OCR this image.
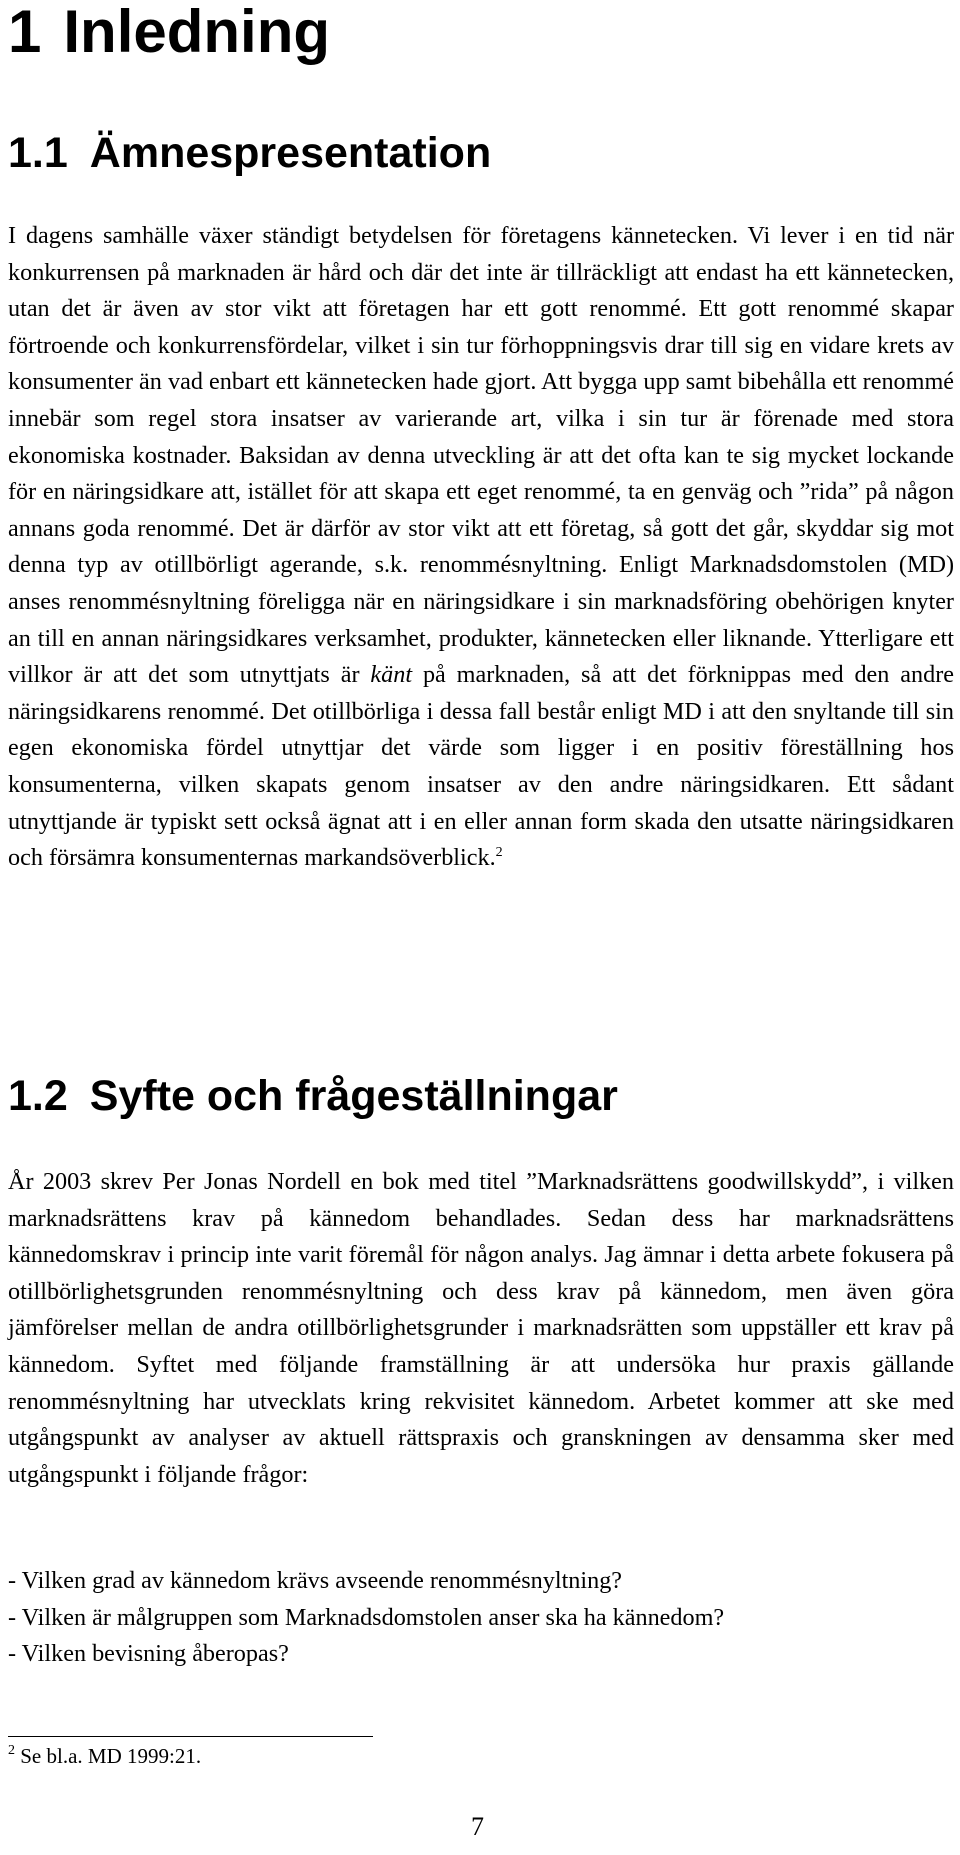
1 Inledning
1.1 Ämnespresentation

I dagens samhälle växer ständigt betydelsen för företagens kännetecken. Vi lever i en tid när konkurrensen på marknaden är hård och där det inte är tillräckligt att endast ha ett kännetecken, utan det är även av stor vikt att företagen har ett gott renommé. Ett gott renommé skapar förtroende och konkurrensfördelar, vilket i sin tur förhoppningsvis drar till sig en vidare krets av konsumenter än vad enbart ett kännetecken hade gjort. Att bygga upp samt bibehålla ett renommé innebär som regel stora insatser av varierande art, vilka i sin tur är förenade med stora ekonomiska kostnader. Baksidan av denna utveckling är att det ofta kan te sig mycket lockande för en näringsidkare att, istället för att skapa ett eget renommé, ta en genväg och ”rida” på någon annans goda renommé. Det är därför av stor vikt att ett företag, så gott det går, skyddar sig mot denna typ av otillbörligt agerande, s.k. renommésnyltning. Enligt Marknadsdomstolen (MD) anses renommésnyltning föreligga när en näringsidkare i sin marknadsföring obehörigen knyter an till en annan näringsidkares verksamhet, produkter, kännetecken eller liknande. Ytterligare ett villkor är att det som utnyttjats är känt på marknaden, så att det förknippas med den andre näringsidkarens renommé. Det otillbörliga i dessa fall består enligt MD i att den snyltande till sin egen ekonomiska fördel utnyttjar det värde som ligger i en positiv föreställning hos konsumenterna, vilken skapats genom insatser av den andre näringsidkaren. Ett sådant utnyttjande är typiskt sett också ägnat att i en eller annan form skada den utsatte näringsidkaren och försämra konsumenternas markandsöverblick.$^2$

1.2 Syfte och frågeställningar

År 2003 skrev Per Jonas Nordell en bok med titel ”Marknadsrättens goodwillskydd”, i vilken marknadsrättens krav på kännedom behandlades. Sedan dess har marknadsrättens kännedomskrav i princip inte varit föremål för någon analys. Jag ämnar i detta arbete fokusera på otillbörlighetsgrunden renommésnyltning och dess krav på kännedom, men även göra jämförelser mellan de andra otillbörlighetsgrunder i marknadsrätten som uppställer ett krav på kännedom. Syftet med följande framställning är att undersöka hur praxis gällande renommésnyltning har utvecklats kring rekvisitet kännedom. Arbetet kommer att ske med utgångspunkt av analyser av aktuell rättspraxis och granskningen av densamma sker med utgångspunkt i följande frågor:

- Vilken grad av kännedom krävs avseende renommésnyltning?
- Vilken är målgruppen som Marknadsdomstolen anser ska ha kännedom?
- Vilken bevisning åberopas?
$^2$ Se bl.a. MD 1999:21.
7
